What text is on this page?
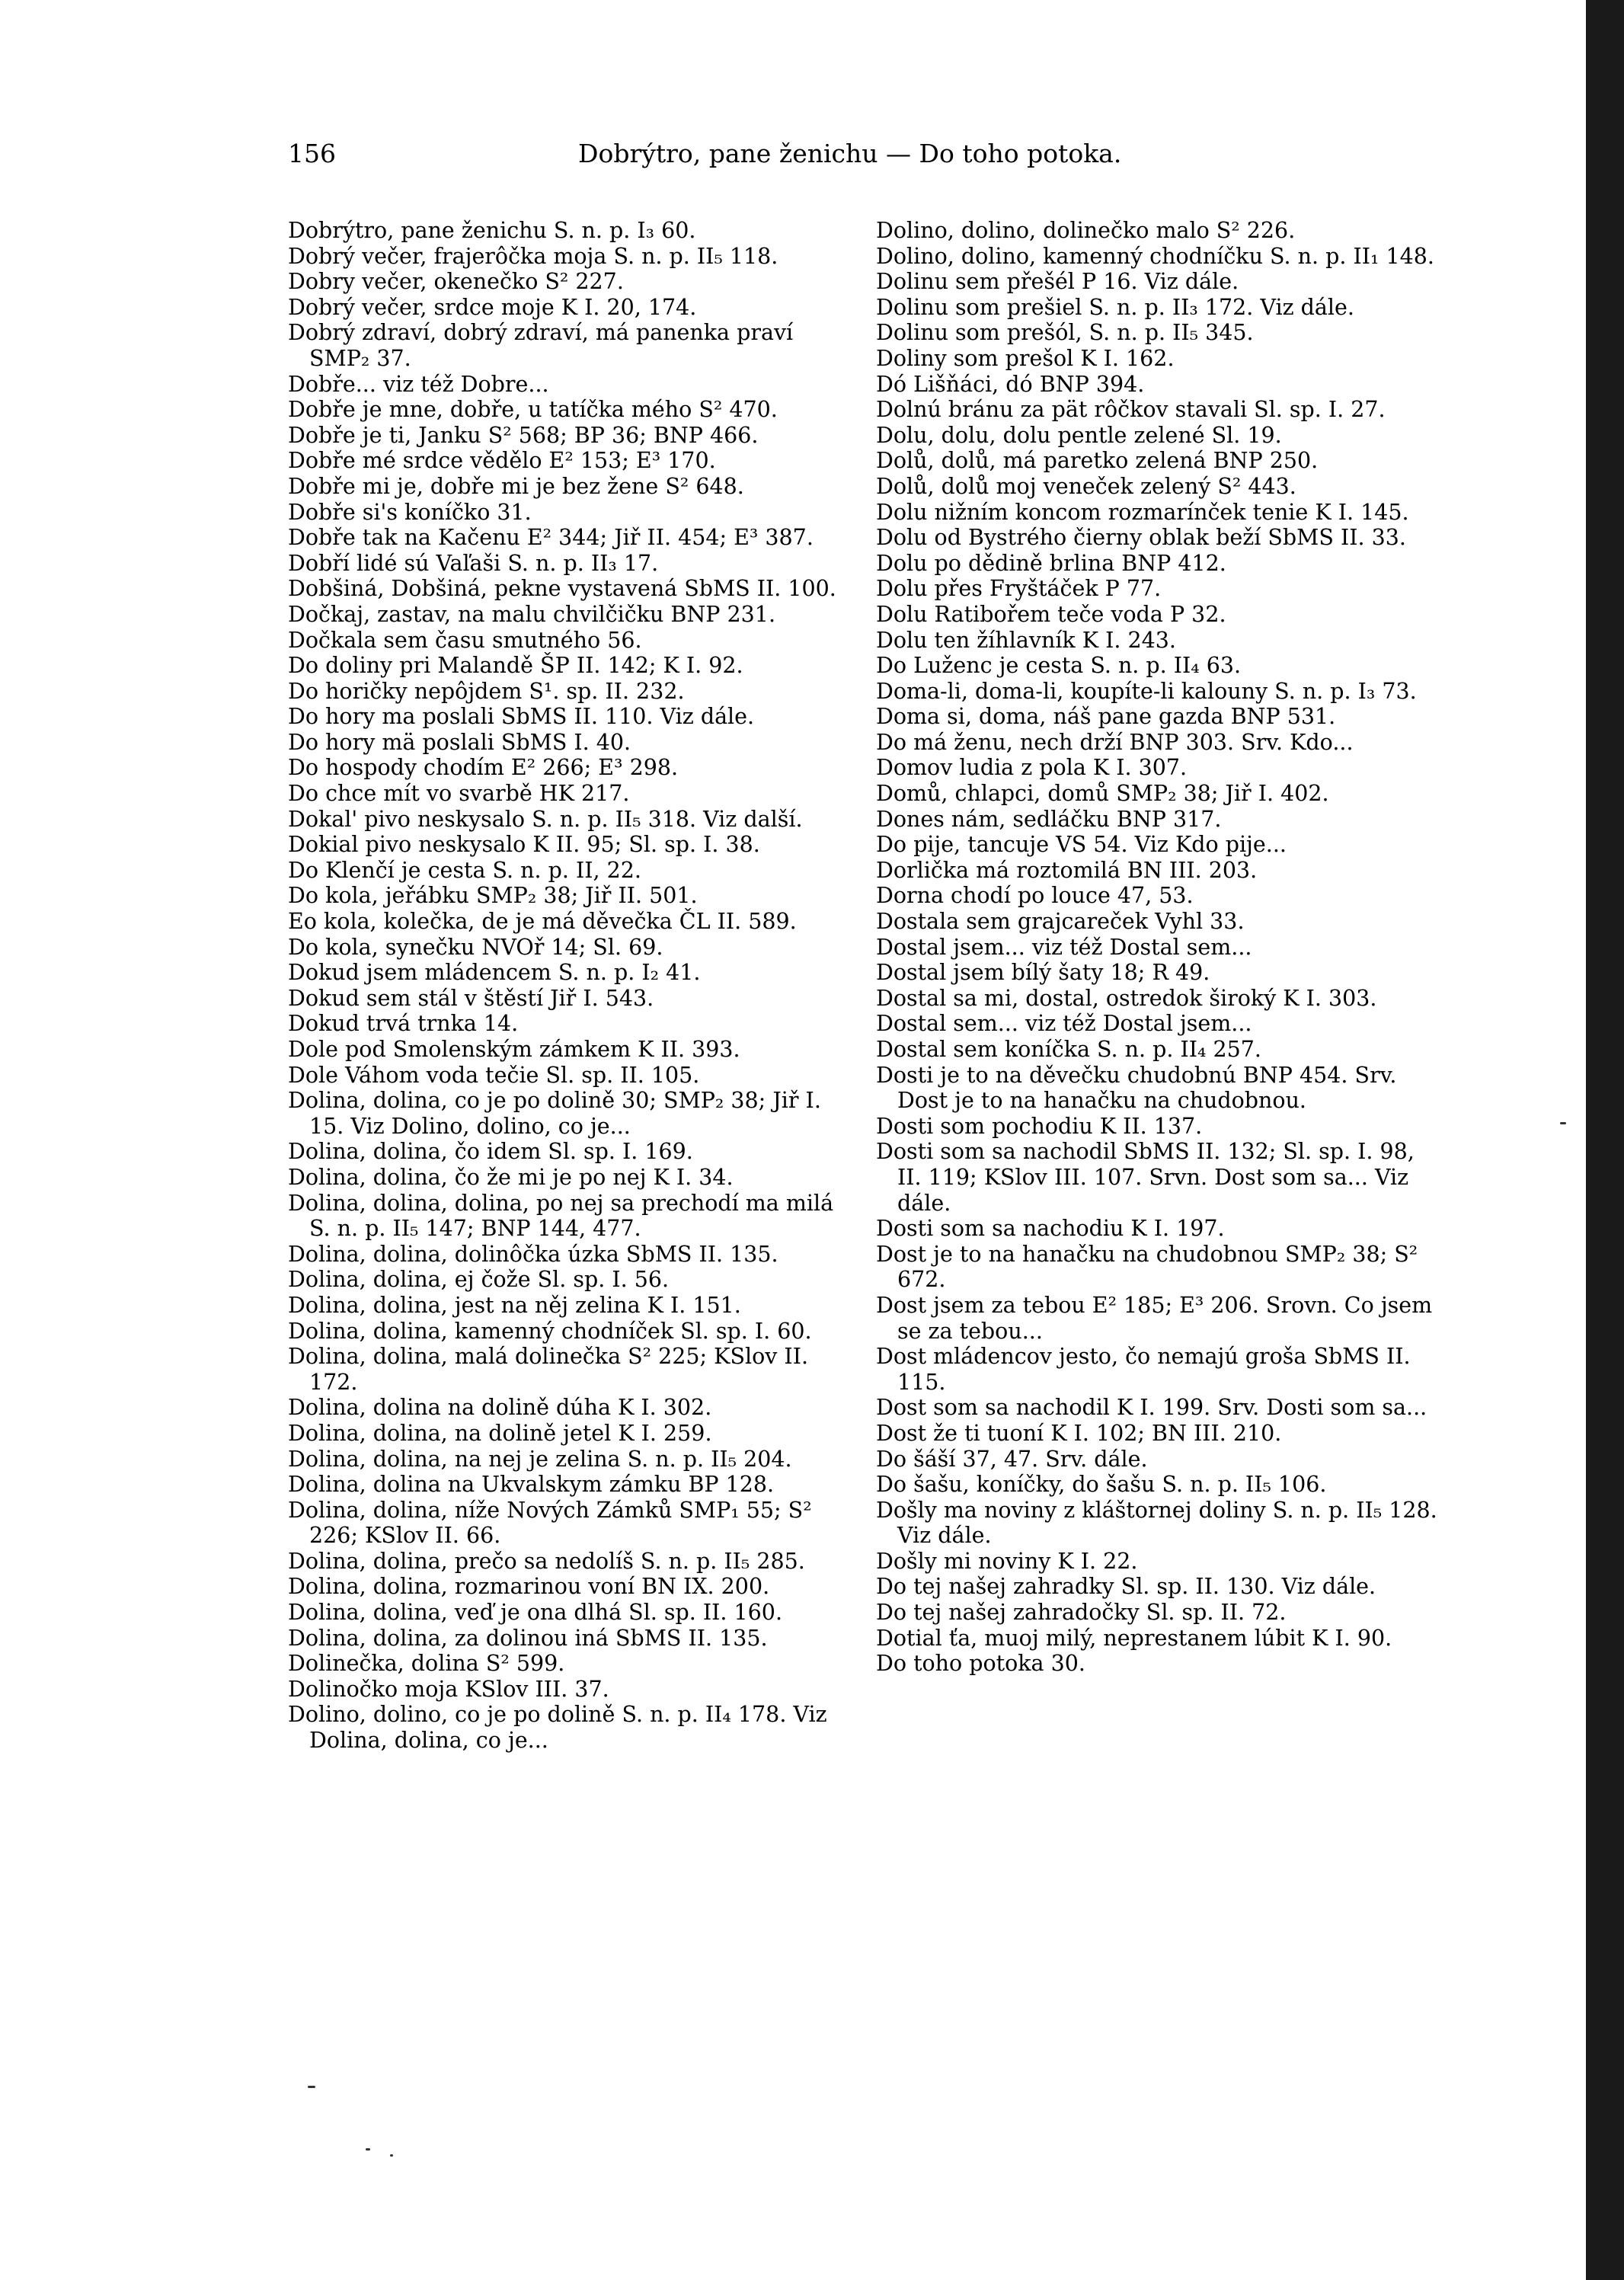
156	Dobrýtro, pane ženichu — Do toho potoka.

Dobrýtro, pane ženichu S. n. p. I₃ 60.

Dobrý večer, frajerôčka moja S. n. p. II₅ 118.

Dobry večer, okenečko S² 227.

Dobrý večer, srdce moje K I. 20, 174.

Dobrý zdraví, dobrý zdraví, má panenka praví SMP₂ 37.

Dobře... viz též Dobre...

Dobře je mne, dobře, u tatíčka mého S² 470.

Dobře je ti, Janku S² 568; BP 36; BNP 466.

Dobře mé srdce vědělo E² 153; E³ 170.

Dobře mi je, dobře mi je bez žene S² 648.

Dobře si's koníčko 31.

Dobře tak na Kačenu E² 344; Jiř II. 454; E³ 387.

Dobří lidé sú Vaľaši S. n. p. II₃ 17.

Dobšiná, Dobšiná, pekne vystavená SbMS II. 100.

Dočkaj, zastav, na malu chvilčičku BNP 231.

Dočkala sem času smutného 56.

Do doliny pri Malandě ŠP II. 142; K I. 92.

Do horičky nepôjdem S¹. sp. II. 232.

Do hory ma poslali SbMS II. 110. Viz dále.

Do hory mä poslali SbMS I. 40.

Do hospody chodím E² 266; E³ 298.

Do chce mít vo svarbě HK 217.

Dokal' pivo neskysalo S. n. p. II₅ 318. Viz další.

Dokial pivo neskysalo K II. 95; Sl. sp. I. 38.

Do Klenčí je cesta S. n. p. II, 22.

Do kola, jeřábku SMP₂ 38; Jiř II. 501.

Eo kola, kolečka, de je má děvečka ČL II. 589.

Do kola, synečku NVOř 14; Sl. 69.

Dokud jsem mládencem S. n. p. I₂ 41.

Dokud sem stál v štěstí Jiř I. 543.

Dokud trvá trnka 14.

Dole pod Smolenským zámkem K II. 393.

Dole Váhom voda tečie Sl. sp. II. 105.

Dolina, dolina, co je po dolině 30; SMP₂ 38; Jiř I. 15. Viz Dolino, dolino, co je...

Dolina, dolina, čo idem Sl. sp. I. 169.

Dolina, dolina, čo že mi je po nej K I. 34.

Dolina, dolina, dolina, po nej sa prechodí ma milá S. n. p. II₅ 147; BNP 144, 477.

Dolina, dolina, dolinôčka úzka SbMS II. 135.

Dolina, dolina, ej čože Sl. sp. I. 56.

Dolina, dolina, jest na něj zelina K I. 151.

Dolina, dolina, kamenný chodníček Sl. sp. I. 60.

Dolina, dolina, malá dolinečka S² 225; KSlov II. 172.

Dolina, dolina na dolině dúha K I. 302.

Dolina, dolina, na dolině jetel K I. 259.

Dolina, dolina, na nej je zelina S. n. p. II₅ 204.

Dolina, dolina na Ukvalskym zámku BP 128.

Dolina, dolina, níže Nových Zámků SMP₁ 55; S² 226; KSlov II. 66.

Dolina, dolina, prečo sa nedolíš S. n. p. II₅ 285.

Dolina, dolina, rozmarinou voní BN IX. 200.

Dolina, dolina, veď je ona dlhá Sl. sp. II. 160.

Dolina, dolina, za dolinou iná SbMS II. 135.

Dolinečka, dolina S² 599.

Dolinočko moja KSlov III. 37.

Dolino, dolino, co je po dolině S. n. p. II₄ 178. Viz Dolina, dolina, co je...

Dolino, dolino, dolinečko malo S² 226.

Dolino, dolino, kamenný chodníčku S. n. p. II₁ 148.

Dolinu sem přešél P 16. Viz dále.

Dolinu som prešiel S. n. p. II₃ 172. Viz dále.

Dolinu som prešól, S. n. p. II₅ 345.

Doliny som prešol K I. 162.

Dó Lišňáci, dó BNP 394.

Dolnú bránu za pät rôčkov stavali Sl. sp. I. 27.

Dolu, dolu, dolu pentle zelené Sl. 19.

Dolů, dolů, má paretko zelená BNP 250.

Dolů, dolů moj veneček zelený S² 443.

Dolu nižním koncom rozmarínček tenie K I. 145.

Dolu od Bystrého čierny oblak beží SbMS II. 33.

Dolu po dědině brlina BNP 412.

Dolu přes Fryštáček P 77.

Dolu Ratibořem teče voda P 32.

Dolu ten žíhlavník K I. 243.

Do Luženc je cesta S. n. p. II₄ 63.

Doma-li, doma-li, koupíte-li kalouny S. n. p. I₃ 73.

Doma si, doma, náš pane gazda BNP 531.

Do má ženu, nech drží BNP 303. Srv. Kdo...

Domov ludia z pola K I. 307.

Domů, chlapci, domů SMP₂ 38; Jiř I. 402.

Dones nám, sedláčku BNP 317.

Do pije, tancuje VS 54. Viz Kdo pije...

Dorlička má roztomilá BN III. 203.

Dorna chodí po louce 47, 53.

Dostala sem grajcareček Vyhl 33.

Dostal jsem... viz též Dostal sem...

Dostal jsem bílý šaty 18; R 49.

Dostal sa mi, dostal, ostredok široký K I. 303.

Dostal sem... viz též Dostal jsem...

Dostal sem koníčka S. n. p. II₄ 257.

Dosti je to na děvečku chudobnú BNP 454. Srv. Dost je to na hanačku na chudobnou.

Dosti som pochodiu K II. 137.

Dosti som sa nachodil SbMS II. 132; Sl. sp. I. 98, II. 119; KSlov III. 107. Srvn. Dost som sa... Viz dále.

Dosti som sa nachodiu K I. 197.

Dost je to na hanačku na chudobnou SMP₂ 38; S² 672.

Dost jsem za tebou E² 185; E³ 206. Srovn. Co jsem se za tebou...

Dost mládencov jesto, čo nemajú groša SbMS II. 115.

Dost som sa nachodil K I. 199. Srv. Dosti som sa...

Dost že ti tuoní K I. 102; BN III. 210.

Do šáší 37, 47. Srv. dále.

Do šašu, koníčky, do šašu S. n. p. II₅ 106.

Došly ma noviny z kláštornej doliny S. n. p. II₅ 128. Viz dále.

Došly mi noviny K I. 22.

Do tej našej zahradky Sl. sp. II. 130. Viz dále.

Do tej našej zahradočky Sl. sp. II. 72.

Dotial ťa, muoj milý, neprestanem lúbit K I. 90.

Do toho potoka 30.
